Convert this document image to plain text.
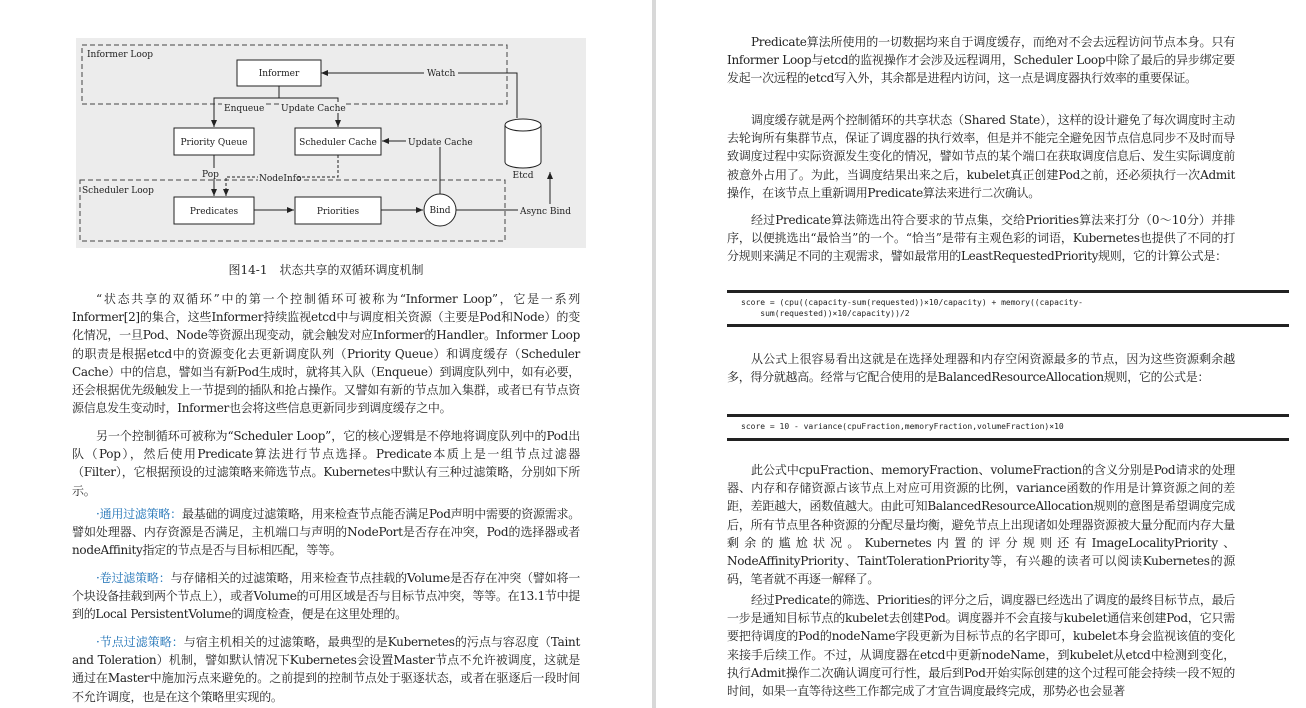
Informer Loop
Scheduler Loop
Informer
Priority Queue	Scheduler Cache
Predicates	Priorities	Bind
Etcd
Watch
Enqueue Update Cache
Update Cache
Pop	NodeInfo
Async Bind
图14-1　状态共享的双循环调度机制

“状态共享的双循环”中的第一个控制循环可被称为“Informer Loop”，它是一系列Informer[2]的集合，这些Informer持续监视etcd中与调度相关资源（主要是Pod和Node）的变化情况，一旦Pod、Node等资源出现变动，就会触发对应Informer的Handler。Informer Loop的职责是根据etcd中的资源变化去更新调度队列（Priority Queue）和调度缓存（Scheduler Cache）中的信息，譬如当有新Pod生成时，就将其入队（Enqueue）到调度队列中，如有必要，还会根据优先级触发上一节提到的插队和抢占操作。又譬如有新的节点加入集群，或者已有节点资源信息发生变动时，Informer也会将这些信息更新同步到调度缓存之中。

另一个控制循环可被称为“Scheduler Loop”，它的核心逻辑是不停地将调度队列中的Pod出队（Pop），然后使用Predicate算法进行节点选择。Predicate本质上是一组节点过滤器（Filter），它根据预设的过滤策略来筛选节点。Kubernetes中默认有三种过滤策略，分别如下所示。

·通用过滤策略：最基础的调度过滤策略，用来检查节点能否满足Pod声明中需要的资源需求。譬如处理器、内存资源是否满足，主机端口与声明的NodePort是否存在冲突，Pod的选择器或者nodeAffinity指定的节点是否与目标相匹配，等等。

·卷过滤策略：与存储相关的过滤策略，用来检查节点挂载的Volume是否存在冲突（譬如将一个块设备挂载到两个节点上），或者Volume的可用区域是否与目标节点冲突，等等。在13.1节中提到的Local PersistentVolume的调度检查，便是在这里处理的。

·节点过滤策略：与宿主机相关的过滤策略，最典型的是Kubernetes的污点与容忍度（Taint and Toleration）机制，譬如默认情况下Kubernetes会设置Master节点不允许被调度，这就是通过在Master中施加污点来避免的。之前提到的控制节点处于驱逐状态，或者在驱逐后一段时间不允许调度，也是在这个策略里实现的。

Predicate算法所使用的一切数据均来自于调度缓存，而绝对不会去远程访问节点本身。只有Informer Loop与etcd的监视操作才会涉及远程调用，Scheduler Loop中除了最后的异步绑定要发起一次远程的etcd写入外，其余都是进程内访问，这一点是调度器执行效率的重要保证。

调度缓存就是两个控制循环的共享状态（Shared State），这样的设计避免了每次调度时主动去轮询所有集群节点，保证了调度器的执行效率，但是并不能完全避免因节点信息同步不及时而导致调度过程中实际资源发生变化的情况，譬如节点的某个端口在获取调度信息后、发生实际调度前被意外占用了。为此，当调度结果出来之后，kubelet真正创建Pod之前，还必须执行一次Admit操作，在该节点上重新调用Predicate算法来进行二次确认。

经过Predicate算法筛选出符合要求的节点集，交给Priorities算法来打分（0～10分）并排序，以便挑选出“最恰当”的一个。“恰当”是带有主观色彩的词语，Kubernetes也提供了不同的打分规则来满足不同的主观需求，譬如最常用的LeastRequestedPriority规则，它的计算公式是：

score = (cpu((capacity-sum(requested))×10/capacity) + memory((capacity-
sum(requested))×10/capacity))/2

从公式上很容易看出这就是在选择处理器和内存空闲资源最多的节点，因为这些资源剩余越多，得分就越高。经常与它配合使用的是BalancedResourceAllocation规则，它的公式是：

score = 10 - variance(cpuFraction,memoryFraction,volumeFraction)×10

此公式中cpuFraction、memoryFraction、volumeFraction的含义分别是Pod请求的处理器、内存和存储资源占该节点上对应可用资源的比例，variance函数的作用是计算资源之间的差距，差距越大，函数值越大。由此可知BalancedResourceAllocation规则的意图是希望调度完成后，所有节点里各种资源的分配尽量均衡，避免节点上出现诸如处理器资源被大量分配而内存大量剩余的尴尬状况。Kubernetes内置的评分规则还有ImageLocalityPriority、NodeAffinityPriority、TaintTolerationPriority等，有兴趣的读者可以阅读Kubernetes的源码，笔者就不再逐一解释了。

经过Predicate的筛选、Priorities的评分之后，调度器已经选出了调度的最终目标节点，最后一步是通知目标节点的kubelet去创建Pod。调度器并不会直接与kubelet通信来创建Pod，它只需要把待调度的Pod的nodeName字段更新为目标节点的名字即可，kubelet本身会监视该值的变化来接手后续工作。不过，从调度器在etcd中更新nodeName，到kubelet从etcd中检测到变化，执行Admit操作二次确认调度可行性，最后到Pod开始实际创建的这个过程可能会持续一段不短的时间，如果一直等待这些工作都完成了才宣告调度最终完成，那势必也会显著
